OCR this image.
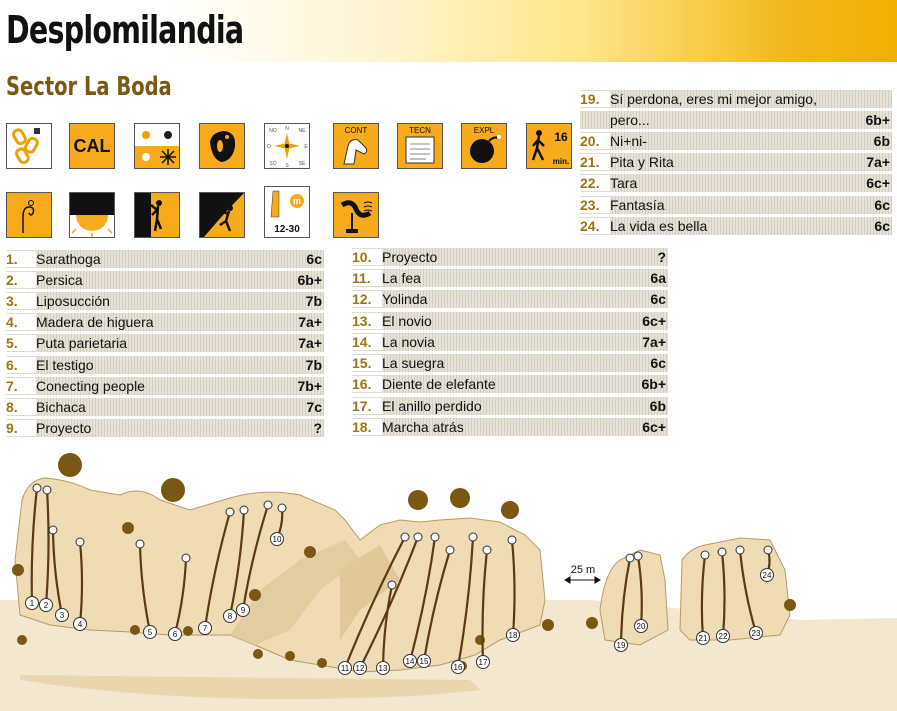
Desplomilandia
Sector La Boda
CAL
NO N NE
O	E
SO S SE
CONT	TECN	EXPL	16
min.
m
12-30
1.	Sarathoga	6c
2.	Persica	6b+
3.	Liposucción	7b
4.	Madera de higuera	7a+
5.	Puta parietaria	7a+
6.	El testigo	7b
7.	Conecting people	7b+
8.	Bichaca	7c
9.	Proyecto	?
10. Proyecto	?
11. La fea	6a
12. Yolinda	6c
13. El novio	6c+
14. La novia	7a+
15. La suegra	6c
16. Diente de elefante	6b+
17. El anillo perdido	6b
18. Marcha atrás	6c+
19. Sí perdona, eres mi mejor amigo,
pero...	6b+
20. Ni+ni-	6b
21. Pita y Rita	7a+
22. Tara	6c+
23. Fantasía	6c
24. La vida es bella	6c
25 m
1 2
3
4
5	6
7
8
9
10
11 12 13
14 15
16
17
18
19
20
21 22	23
24
